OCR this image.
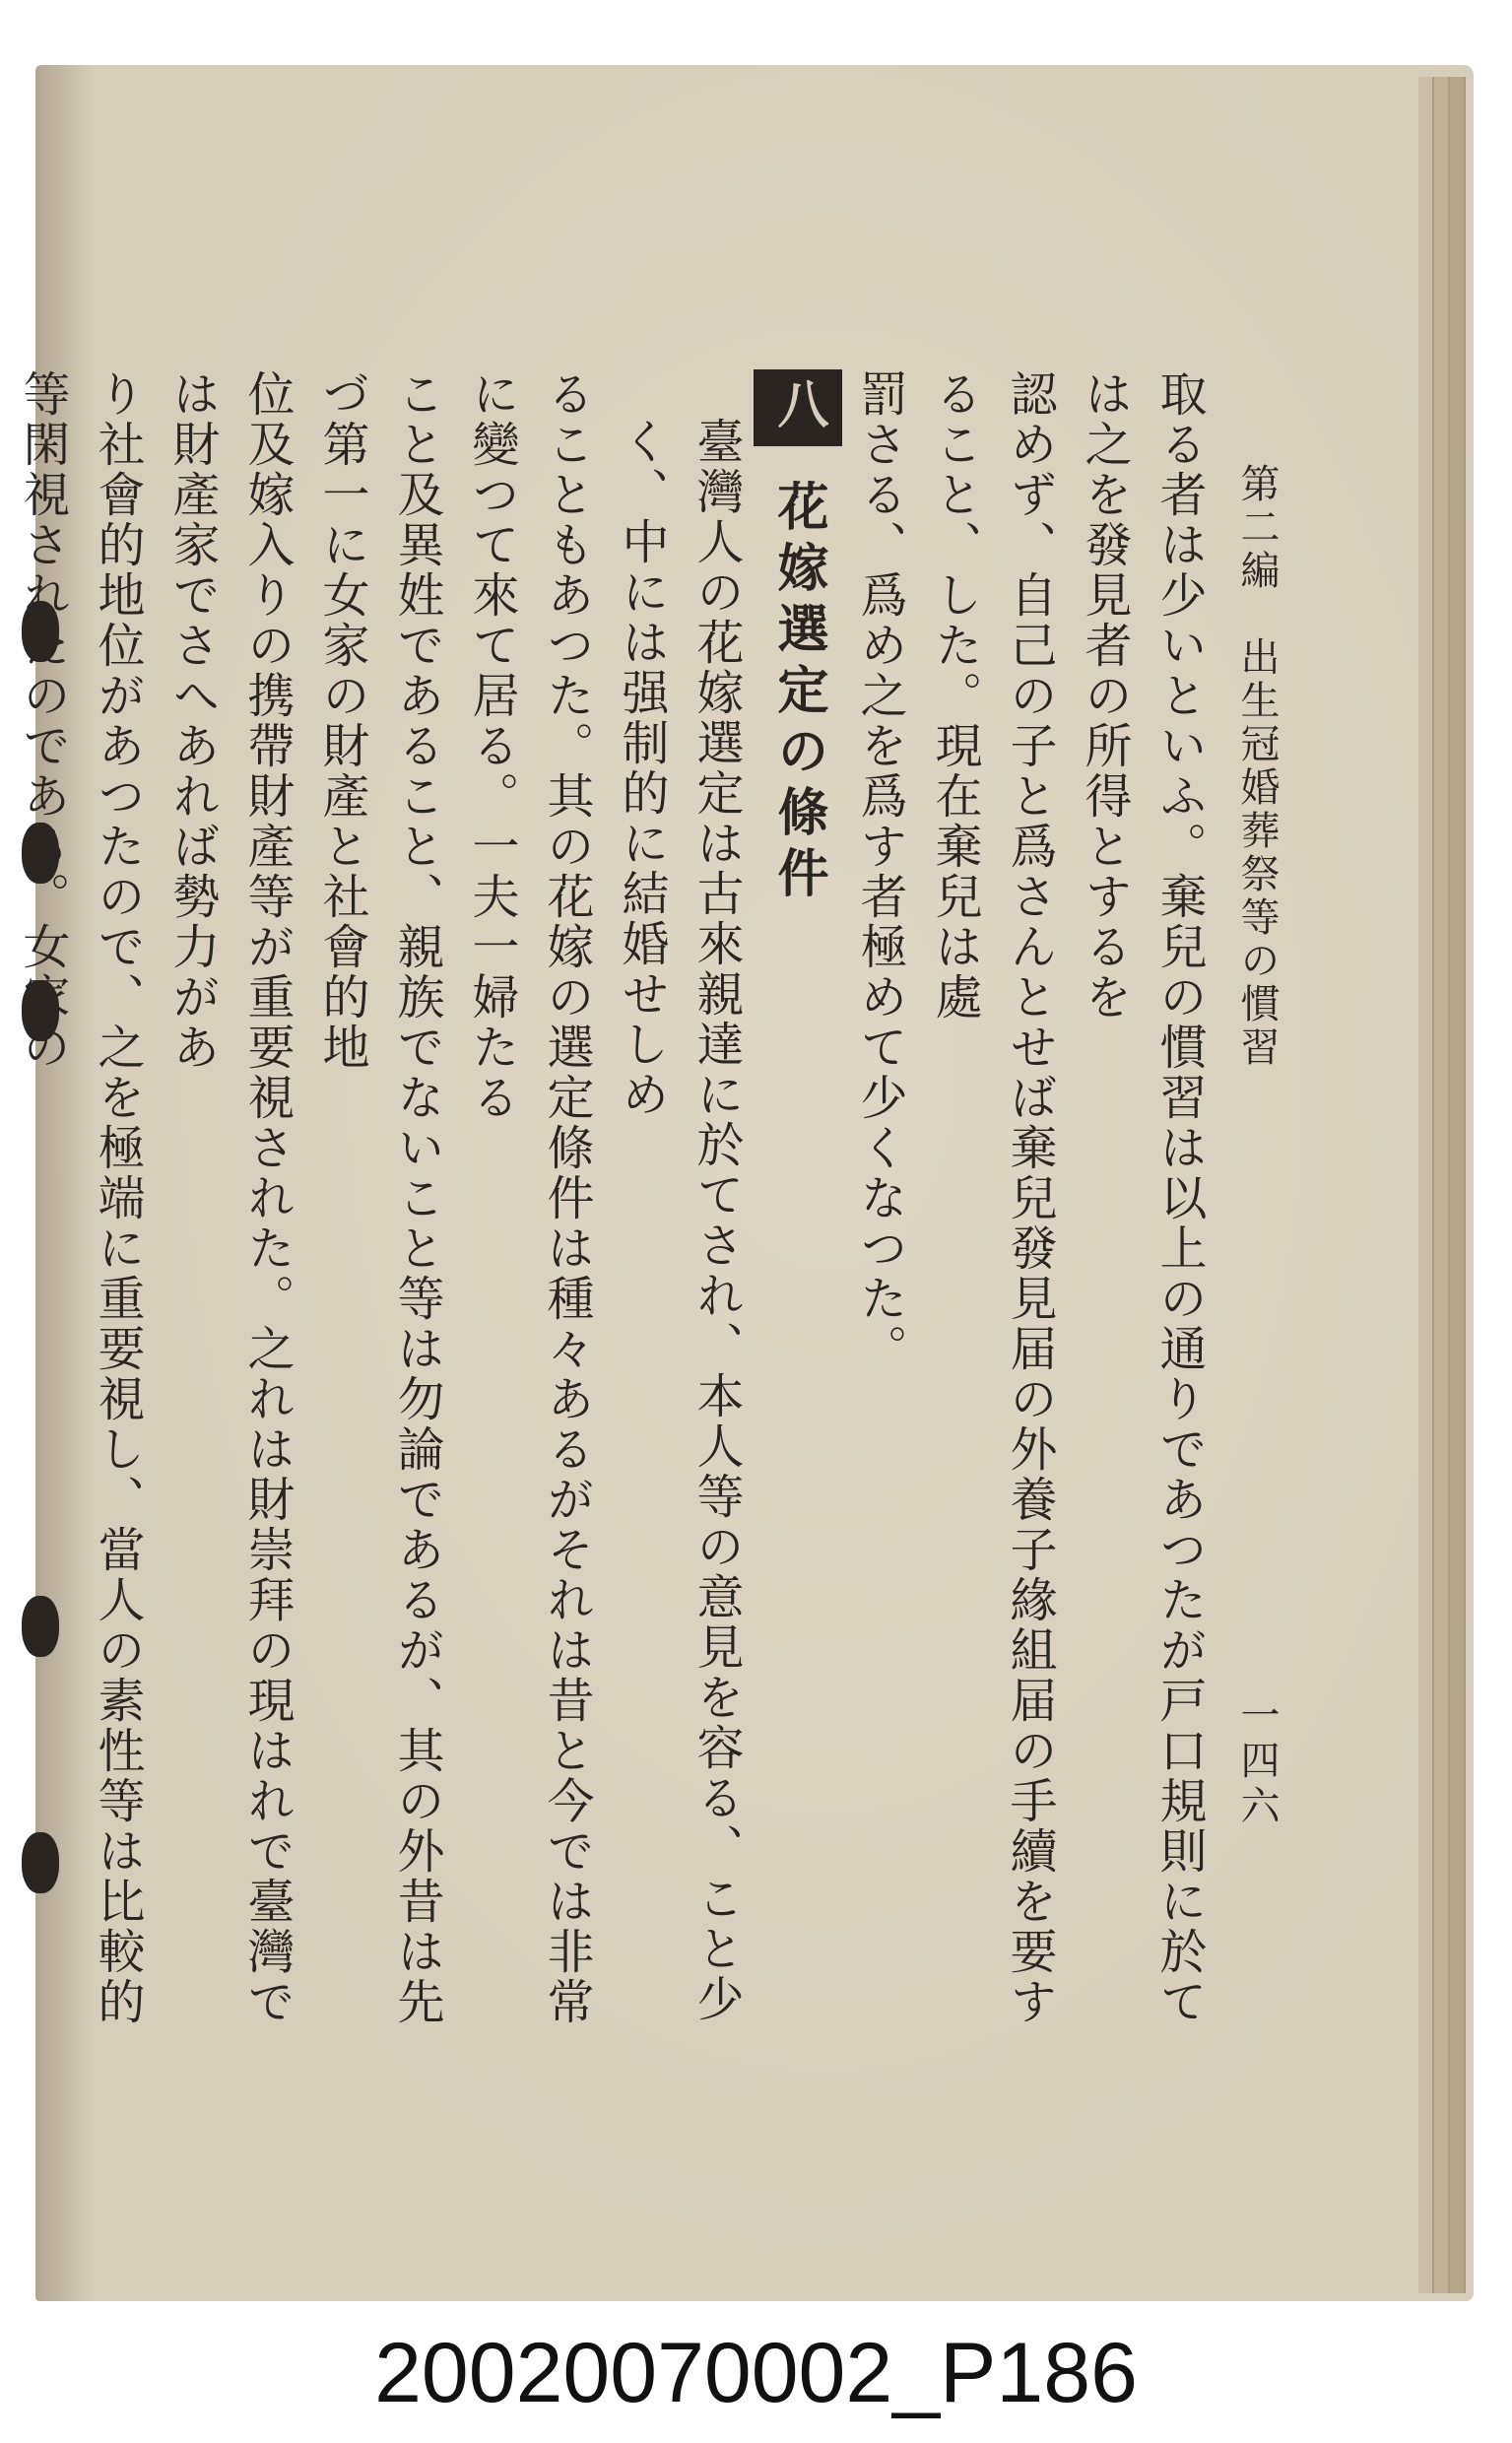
第二編　出生冠婚葬祭等の慣習
一四六

取る者は少いといふ。棄兒の慣習は以上の通りであつたが戸口規則に於ては之を發見者の所得とするを

認めず、自己の子と爲さんとせば棄兒發見届の外養子緣組届の手續を要すること、した。現在棄兒は處

罰さる、爲め之を爲す者極めて少くなつた。

八花嫁選定の條件

臺灣人の花嫁選定は古來親達に於てされ、本人等の意見を容る、こと少く、中には强制的に結婚せしめ

ることもあつた。其の花嫁の選定條件は種々あるがそれは昔と今では非常に變つて來て居る。一夫一婦たる

こと及異姓であること、親族でないこと等は勿論であるが、其の外昔は先づ第一に女家の財產と社會的地

位及嫁入りの携帶財產等が重要視された。之れは財崇拜の現はれで臺灣では財產家でさへあれば勢力があ

り社會的地位があつたので、之を極端に重要視し、當人の素性等は比較的等閑視されたのである。女家の

20020070002_P186
